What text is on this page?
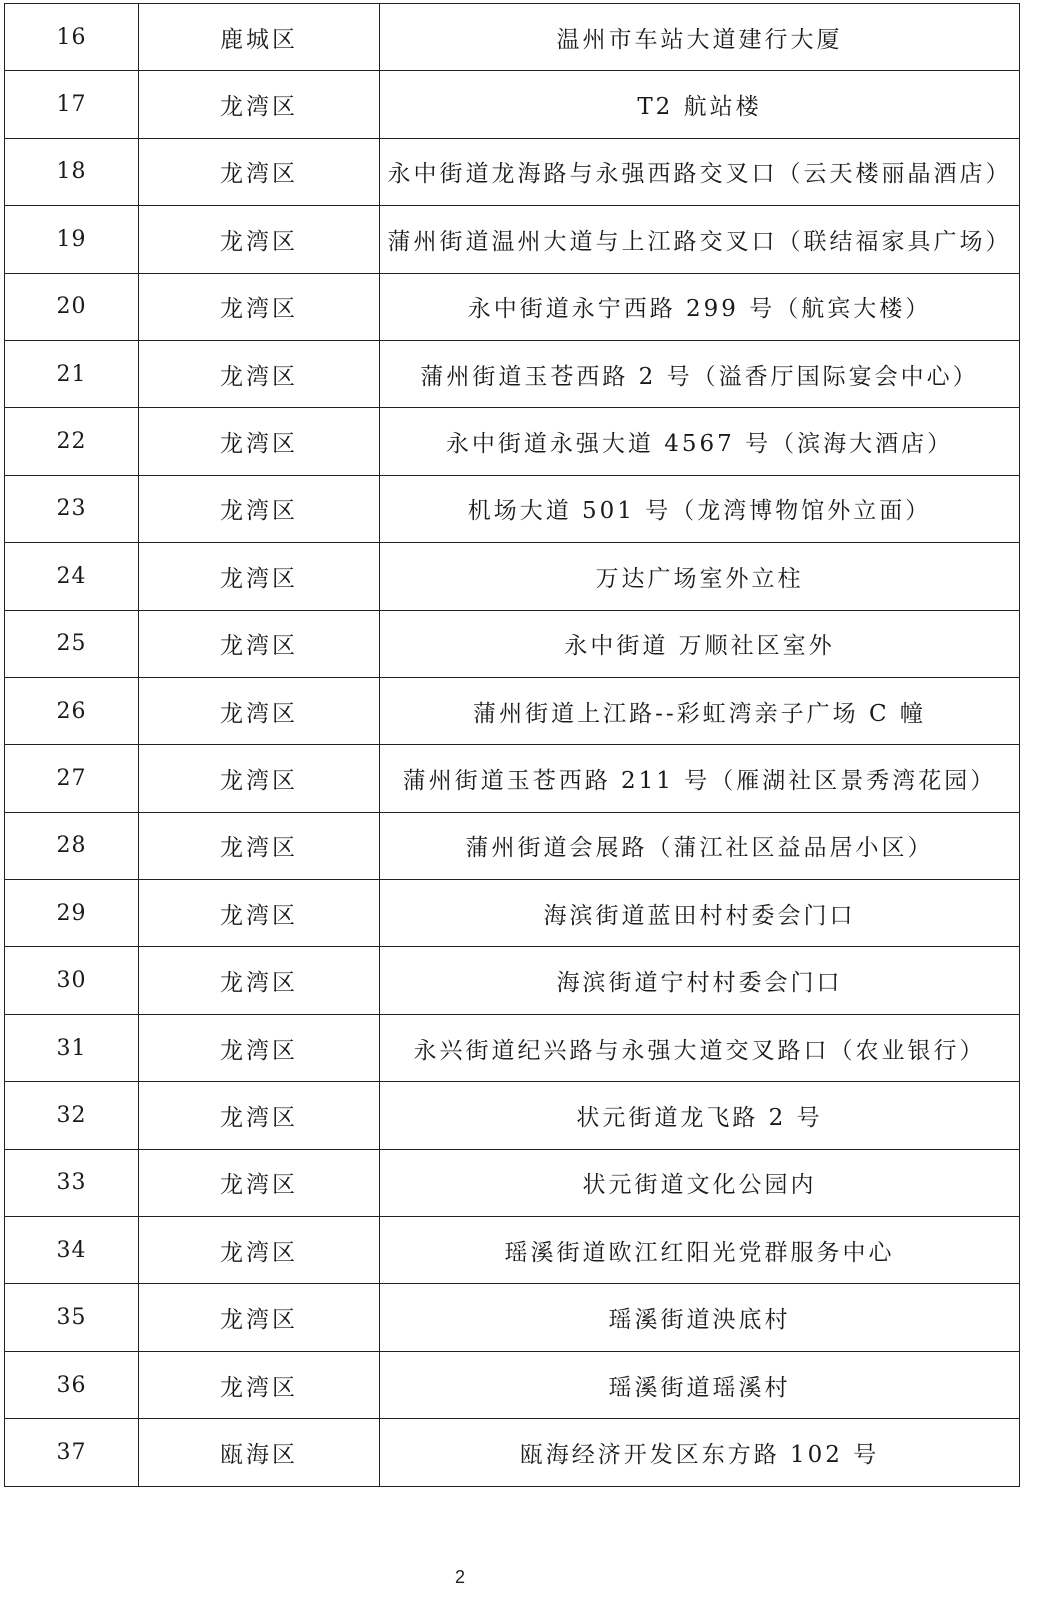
16	鹿城区	温州市车站大道建行大厦
17	龙湾区	T2 航站楼
18	龙湾区	永中街道龙海路与永强西路交叉口（云天楼丽晶酒店）
19	龙湾区	蒲州街道温州大道与上江路交叉口（联结福家具广场）
20	龙湾区	永中街道永宁西路 299 号（航宾大楼）
21	龙湾区	蒲州街道玉苍西路 2 号（溢香厅国际宴会中心）
22	龙湾区	永中街道永强大道 4567 号（滨海大酒店）
23	龙湾区	机场大道 501 号（龙湾博物馆外立面）
24	龙湾区	万达广场室外立柱
25	龙湾区	永中街道 万顺社区室外
26	龙湾区	蒲州街道上江路--彩虹湾亲子广场 C 幢
27	龙湾区	蒲州街道玉苍西路 211 号（雁湖社区景秀湾花园）
28	龙湾区	蒲州街道会展路（蒲江社区益品居小区）
29	龙湾区	海滨街道蓝田村村委会门口
30	龙湾区	海滨街道宁村村委会门口
31	龙湾区	永兴街道纪兴路与永强大道交叉路口（农业银行）
32	龙湾区	状元街道龙飞路 2 号
33	龙湾区	状元街道文化公园内
34	龙湾区	瑶溪街道欧江红阳光党群服务中心
35	龙湾区	瑶溪街道泱底村
36	龙湾区	瑶溪街道瑶溪村
37	瓯海区	瓯海经济开发区东方路 102 号
2
